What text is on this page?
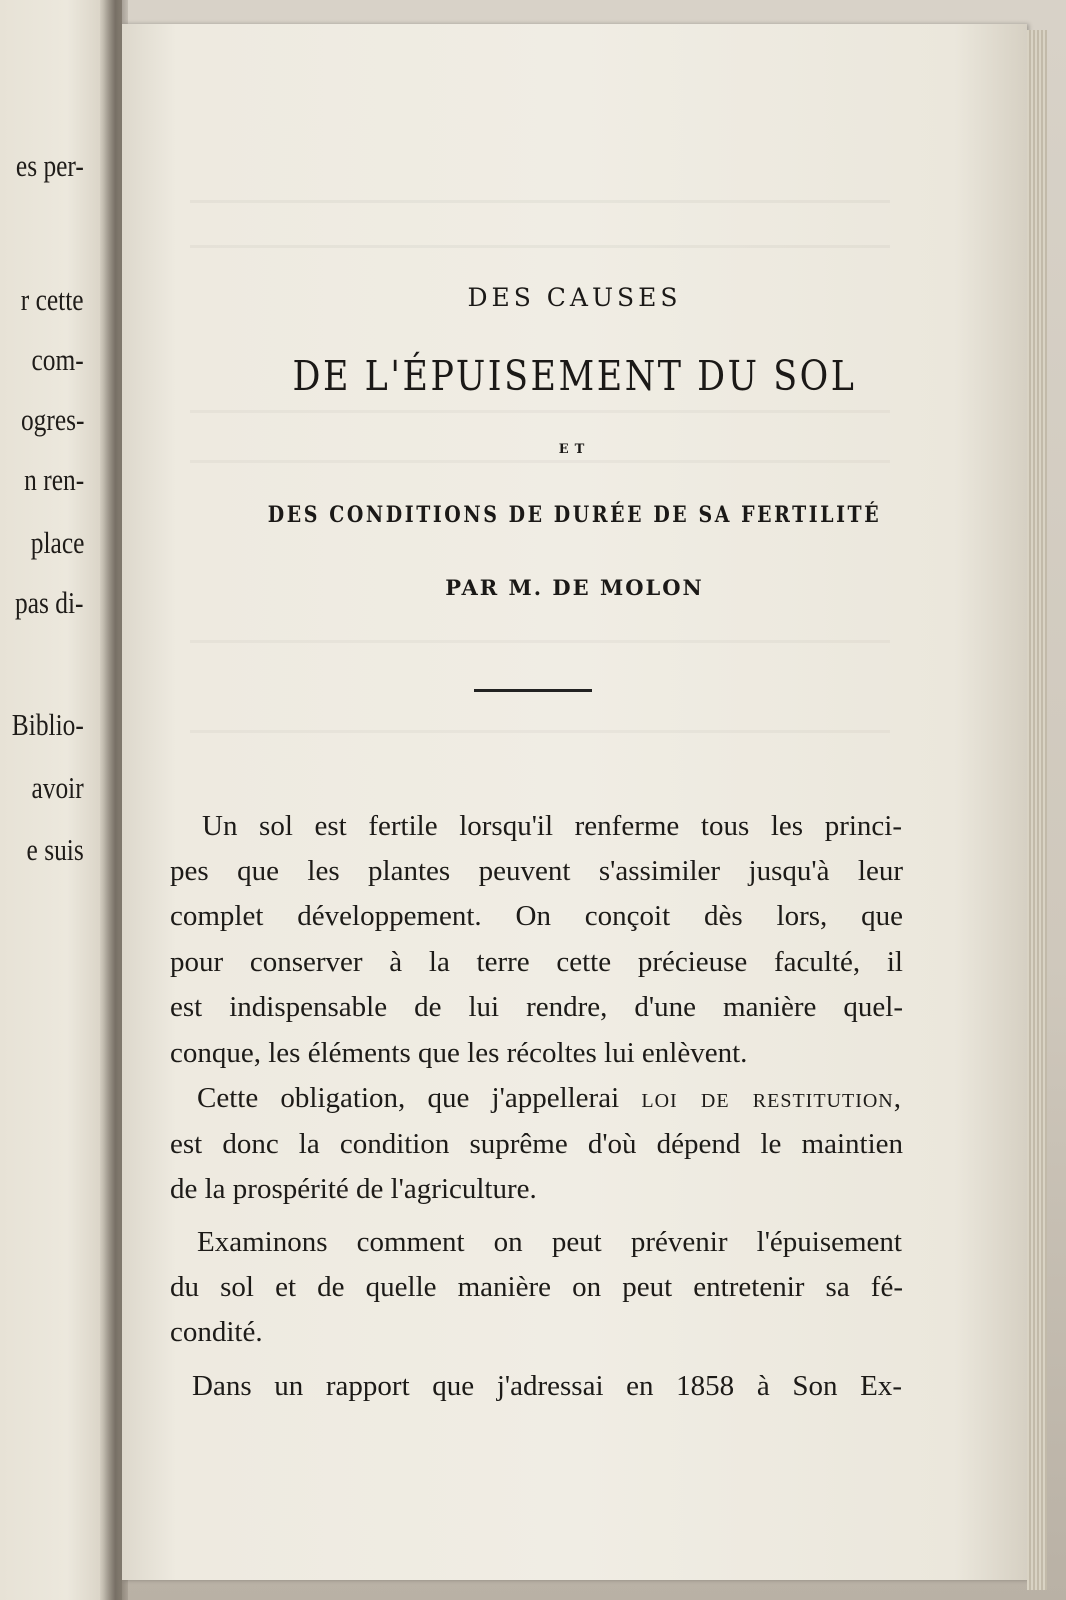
es per-
r cette
com-
ogres-
n ren-
place
pas di-
Biblio-
avoir
e suis
DES CAUSES
DE L'ÉPUISEMENT DU SOL
ET
DES CONDITIONS DE DURÉE DE SA FERTILITÉ
PAR M. DE MOLON
Un sol est fertile lorsqu'il renferme tous les princi-
pes que les plantes peuvent s'assimiler jusqu'à leur
complet développement. On conçoit dès lors, que
pour conserver à la terre cette précieuse faculté, il
est indispensable de lui rendre, d'une manière quel-
conque, les éléments que les récoltes lui enlèvent.
Cette obligation, que j'appellerai loi de restitution,
est donc la condition suprême d'où dépend le maintien
de la prospérité de l'agriculture.
Examinons comment on peut prévenir l'épuisement
du sol et de quelle manière on peut entretenir sa fé-
condité.
Dans un rapport que j'adressai en 1858 à Son Ex-
